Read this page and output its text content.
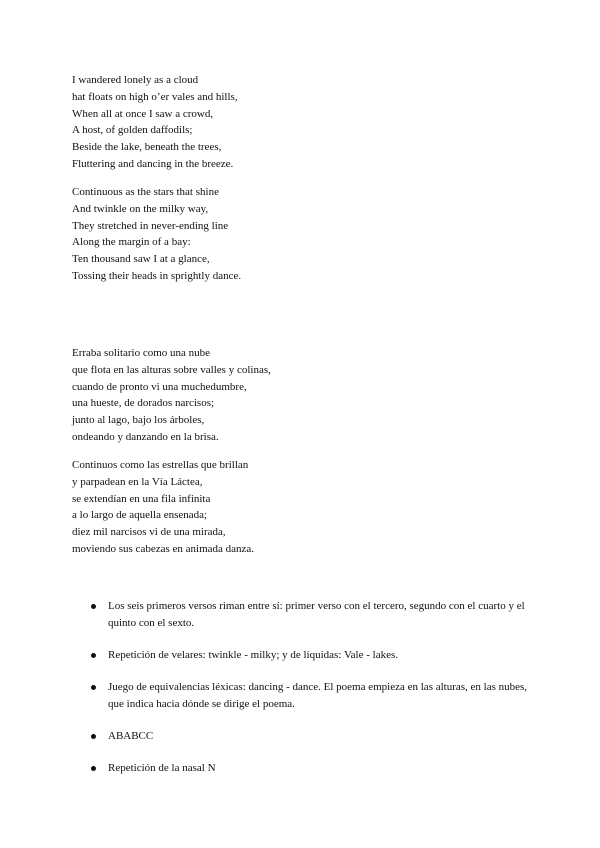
I wandered lonely as a cloud
hat floats on high o’er vales and hills,
When all at once I saw a crowd,
A host, of golden daffodils;
Beside the lake, beneath the trees,
Fluttering and dancing in the breeze.
Continuous as the stars that shine
And twinkle on the milky way,
They stretched in never-ending line
Along the margin of a bay:
Ten thousand saw I at a glance,
Tossing their heads in sprightly dance.
Erraba solitario como una nube
que flota en las alturas sobre valles y colinas,
cuando de pronto vi una muchedumbre,
una hueste, de dorados narcisos;
junto al lago, bajo los árboles,
ondeando y danzando en la brisa.
Continuos como las estrellas que brillan
y parpadean en la Vía Láctea,
se extendían en una fila infinita
a lo largo de aquella ensenada;
diez mil narcisos vi de una mirada,
moviendo sus cabezas en animada danza.
Los seis primeros versos riman entre sí: primer verso con el tercero, segundo con el cuarto y el quinto con el sexto.
Repetición de velares: twinkle - milky; y de líquidas: Vale - lakes.
Juego de equivalencias léxicas: dancing - dance. El poema empieza en las alturas, en las nubes, que indica hacia dónde se dirige el poema.
ABABCC
Repetición de la nasal N
